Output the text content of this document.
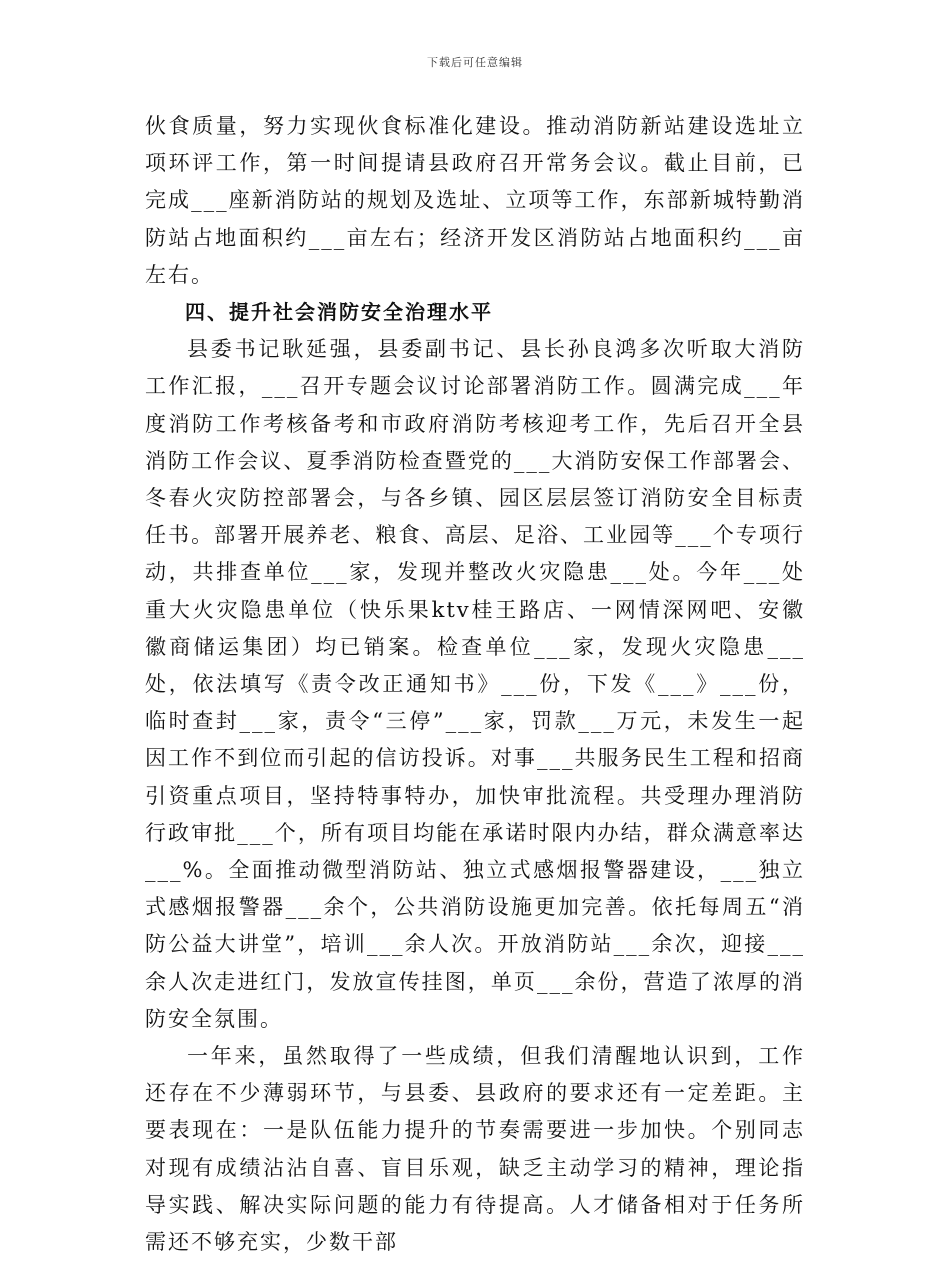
下载后可任意编辑

伙食质量，努力实现伙食标准化建设。推动消防新站建设选址立项环评工作，第一时间提请县政府召开常务会议。截止目前，已完成___座新消防站的规划及选址、立项等工作，东部新城特勤消防站占地面积约___亩左右；经济开发区消防站占地面积约___亩左右。

四、提升社会消防安全治理水平

县委书记耿延强，县委副书记、县长孙良鸿多次听取大消防工作汇报，___召开专题会议讨论部署消防工作。圆满完成___年度消防工作考核备考和市政府消防考核迎考工作，先后召开全县消防工作会议、夏季消防检查暨党的___大消防安保工作部署会、冬春火灾防控部署会，与各乡镇、园区层层签订消防安全目标责任书。部署开展养老、粮食、高层、足浴、工业园等___个专项行动，共排查单位___家，发现并整改火灾隐患___处。今年___处重大火灾隐患单位（快乐果ktv桂王路店、一网情深网吧、安徽徽商储运集团）均已销案。检查单位___家，发现火灾隐患___处，依法填写《责令改正通知书》___份，下发《___》___份，临时查封___家，责令“三停”___家，罚款___万元，未发生一起因工作不到位而引起的信访投诉。对事___共服务民生工程和招商引资重点项目，坚持特事特办，加快审批流程。共受理办理消防行政审批___个，所有项目均能在承诺时限内办结，群众满意率达___%。全面推动微型消防站、独立式感烟报警器建设，___独立式感烟报警器___余个，公共消防设施更加完善。依托每周五“消防公益大讲堂”，培训___余人次。开放消防站___余次，迎接___余人次走进红门，发放宣传挂图，单页___余份，营造了浓厚的消防安全氛围。

一年来，虽然取得了一些成绩，但我们清醒地认识到，工作还存在不少薄弱环节，与县委、县政府的要求还有一定差距。主要表现在：一是队伍能力提升的节奏需要进一步加快。个别同志对现有成绩沾沾自喜、盲目乐观，缺乏主动学习的精神，理论指导实践、解决实际问题的能力有待提高。人才储备相对于任务所需还不够充实，少数干部
